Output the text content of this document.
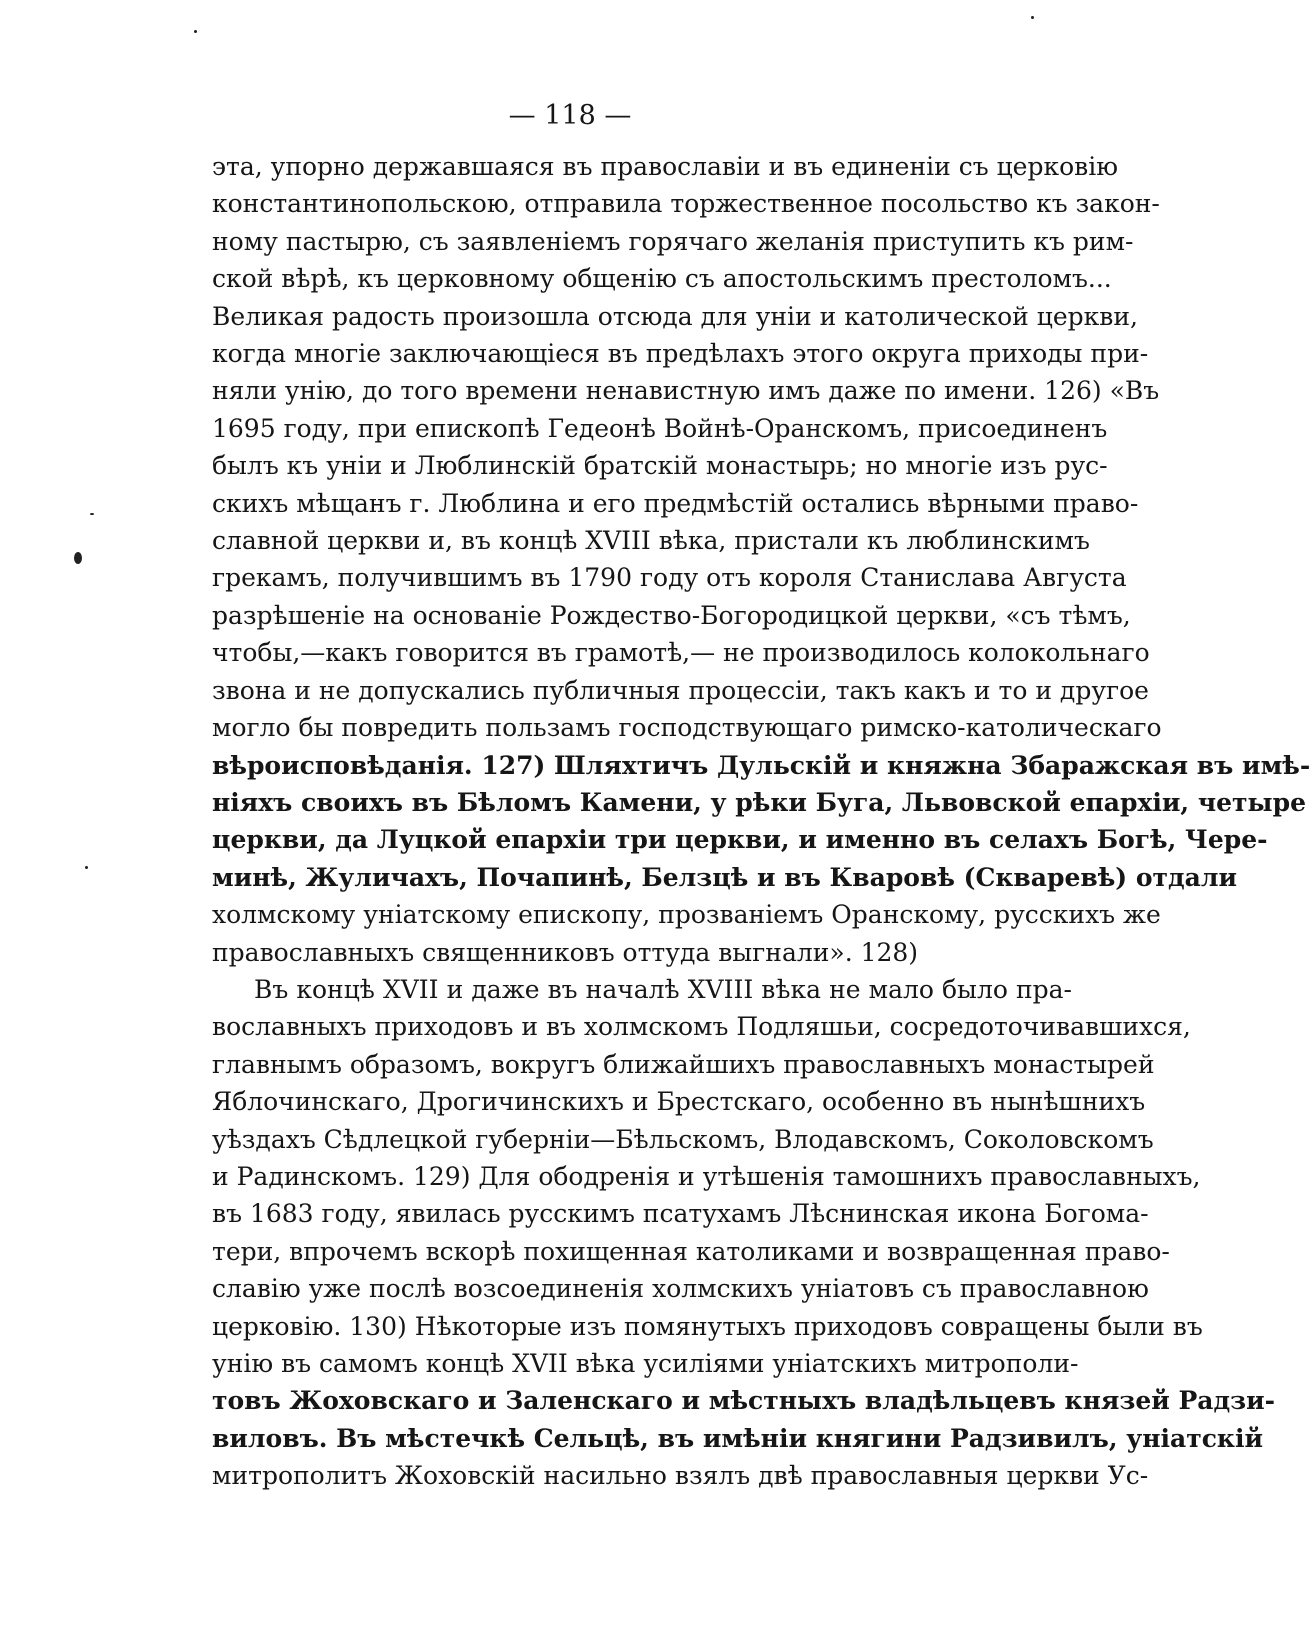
— 118 —
эта, упорно державшаяся въ православiи и въ единенiи съ церковiю
константинопольскою, отправила торжественное посольство къ закон-
ному пастырю, съ заявленiемъ горячаго желанiя приступить къ рим-
ской вѣрѣ, къ церковному общенiю съ апостольскимъ престоломъ...
Великая радость произошла отсюда для унiи и католической церкви,
когда многiе заключающiеся въ предѣлахъ этого округа приходы при-
няли унiю, до того времени ненавистную имъ даже по имени. 126) «Въ
1695 году, при епископѣ Гедеонѣ Войнѣ-Оранскомъ, присоединенъ
былъ къ унiи и Люблинскiй братскiй монастырь; но многiе изъ рус-
скихъ мѣщанъ г. Люблина и его предмѣстiй остались вѣрными право-
славной церкви и, въ концѣ XVIII вѣка, пристали къ люблинскимъ
грекамъ, получившимъ въ 1790 году отъ короля Станислава Августа
разрѣшенiе на основанiе Рождество-Богородицкой церкви, «съ тѣмъ,
чтобы,—какъ говорится въ грамотѣ,— не производилось колокольнаго
звона и не допускались публичныя процессiи, такъ какъ и то и другое
могло бы повредить пользамъ господствующаго римско-католическаго
вѣроисповѣданiя. 127) Шляхтичъ Дульскiй и княжна Збаражская въ имѣ-
нiяхъ своихъ въ Бѣломъ Камени, у рѣки Буга, Львовской епархiи, четыре
церкви, да Луцкой епархiи три церкви, и именно въ селахъ Богѣ, Чере-
минѣ, Жуличахъ, Почапинѣ, Белзцѣ и въ Кваровѣ (Скваревѣ) отдали
холмскому унiатскому епископу, прозванiемъ Оранскому, русскихъ же
православныхъ священниковъ оттуда выгнали». 128)
Въ концѣ XVII и даже въ началѣ XVIII вѣка не мало было пра-
вославныхъ приходовъ и въ холмскомъ Подляшьи, сосредоточивавшихся,
главнымъ образомъ, вокругъ ближайшихъ православныхъ монастырей
Яблочинскаго, Дрогичинскихъ и Брестскаго, особенно въ нынѣшнихъ
уѣздахъ Сѣдлецкой губернiи—Бѣльскомъ, Влодавскомъ, Соколовскомъ
и Радинскомъ. 129) Для ободренiя и утѣшенiя тамошнихъ православныхъ,
въ 1683 году, явилась русскимъ псатухамъ Лѣснинская икона Богома-
тери, впрочемъ вскорѣ похищенная католиками и возвращенная право-
славiю уже послѣ возсоединенiя холмскихъ унiатовъ съ православною
церковiю. 130) Нѣкоторые изъ помянутыхъ приходовъ совращены были въ
унiю въ самомъ концѣ XVII вѣка усилiями унiатскихъ митрополи-
товъ Жоховскаго и Заленскаго и мѣстныхъ владѣльцевъ князей Радзи-
виловъ. Въ мѣстечкѣ Сельцѣ, въ имѣнiи княгини Радзивилъ, унiатскiй
митрополитъ Жоховскiй насильно взялъ двѣ православныя церкви Ус-
